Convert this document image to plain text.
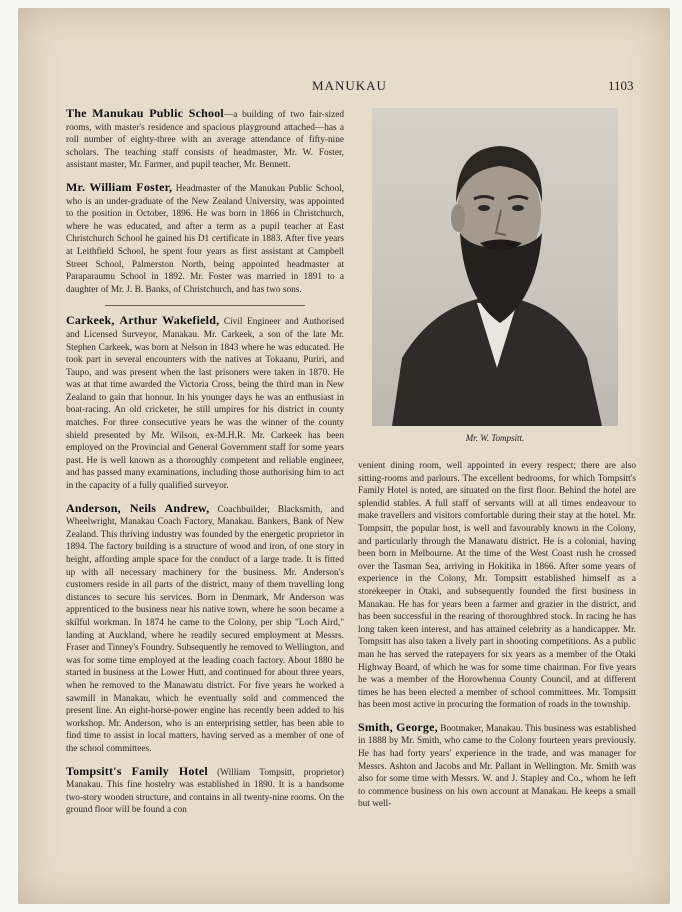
MANUKAU	1103

The Manukau Public School—a building of two fair-sized rooms, with master's residence and spacious playground attached—has a roll number of eighty-three with an average attendance of fifty-nine scholars. The teaching staff consists of headmaster, Mr. W. Foster, assistant master, Mr. Farmer, and pupil teacher, Mr. Bennett.

Mr. William Foster, Headmaster of the Manukau Public School, who is an under-graduate of the New Zealand University, was appointed to the position in October, 1896. He was born in 1866 in Christchurch, where he was educated, and after a term as a pupil teacher at East Christchurch School he gained his D1 certificate in 1883. After five years at Leithfield School, he spent four years as first assistant at Campbell Street School, Palmerston North, being appointed headmaster at Paraparaumu School in 1892. Mr. Foster was married in 1891 to a daughter of Mr. J. B. Banks, of Christchurch, and has two sons.

Carkeek, Arthur Wakefield, Civil Engineer and Authorised and Licensed Surveyor, Manakau. Mr. Carkeek, a son of the late Mr. Stephen Carkeek, was born at Nelson in 1843 where he was educated. He took part in several encounters with the natives at Tokaanu, Puriri, and Taupo, and was present when the last prisoners were taken in 1870. He was at that time awarded the Victoria Cross, being the third man in New Zealand to gain that honour. In his younger days he was an enthusiast in boat-racing. An old cricketer, he still umpires for his district in county matches. For three consecutive years he was the winner of the county shield presented by Mr. Wilson, ex-M.H.R. Mr. Carkeek has been employed on the Provincial and General Government staff for some years past. He is well known as a thoroughly competent and reliable engineer, and has passed many examinations, including those authorising him to act in the capacity of a fully qualified surveyor.

Anderson, Neils Andrew, Coachbuilder, Blacksmith, and Wheelwright, Manakau Coach Factory, Manakau. Bankers, Bank of New Zealand. This thriving industry was founded by the energetic proprietor in 1894. The factory building is a structure of wood and iron, of one story in height, affording ample space for the conduct of a large trade. It is fitted up with all necessary machinery for the business. Mr. Anderson's customers reside in all parts of the district, many of them travelling long distances to secure his services. Born in Denmark, Mr Anderson was apprenticed to the business near his native town, where he soon became a skilful workman. In 1874 he came to the Colony, per ship "Loch Aird," landing at Auckland, where he readily secured employment at Messrs. Fraser and Tinney's Foundry. Subsequently he removed to Wellington, and was for some time employed at the leading coach factory. About 1880 he started in business at the Lower Hutt, and continued for about three years, when he removed to the Manawatu district. For five years he worked a sawmill in Manakau, which he eventually sold and commenced the present line. An eight-horse-power engine has recently been added to his workshop. Mr. Anderson, who is an enterprising settler, has been able to find time to assist in local matters, having served as a member of one of the school committees.

Tompsitt's Family Hotel (William Tompsitt, proprietor) Manakau. This fine hostelry was established in 1890. It is a handsome two-story wooden structure, and contains in all twenty-nine rooms. On the ground floor will be found a con

Mr. W. Tompsitt.

venient dining room, well appointed in every respect; there are also sitting-rooms and parlours. The excellent bedrooms, for which Tompsitt's Family Hotel is noted, are situated on the first floor. Behind the hotel are splendid stables. A full staff of servants will at all times endeavour to make travellers and visitors comfortable during their stay at the hotel. Mr. Tompsitt, the popular host, is well and favourably known in the Colony, and particularly through the Manawatu district. He is a colonial, having been born in Melbourne. At the time of the West Coast rush he crossed over the Tasman Sea, arriving in Hokitika in 1866. After some years of experience in the Colony, Mr. Tompsitt established himself as a storekeeper in Otaki, and subsequently founded the first business in Manakau. He has for years been a farmer and grazier in the district, and has been successful in the rearing of thoroughbred stock. In racing he has long taken keen interest, and has attained celebrity as a handicapper. Mr. Tompsitt has also taken a lively part in shooting competitions. As a public man he has served the ratepayers for six years as a member of the Otaki Highway Board, of which he was for some time chairman. For five years he was a member of the Horowhenua County Council, and at different times he has been elected a member of school committees. Mr. Tompsitt has been most active in procuring the formation of roads in the township.

Smith, George, Bootmaker, Manakau. This business was established in 1888 by Mr. Smith, who came to the Colony fourteen years previously. He has had forty years' experience in the trade, and was manager for Messrs. Ashton and Jacobs and Mr. Pallant in Wellington. Mr. Smith was also for some time with Messrs. W. and J. Stapley and Co., whom he left to commence business on his own account at Manakau. He keeps a small but well-
